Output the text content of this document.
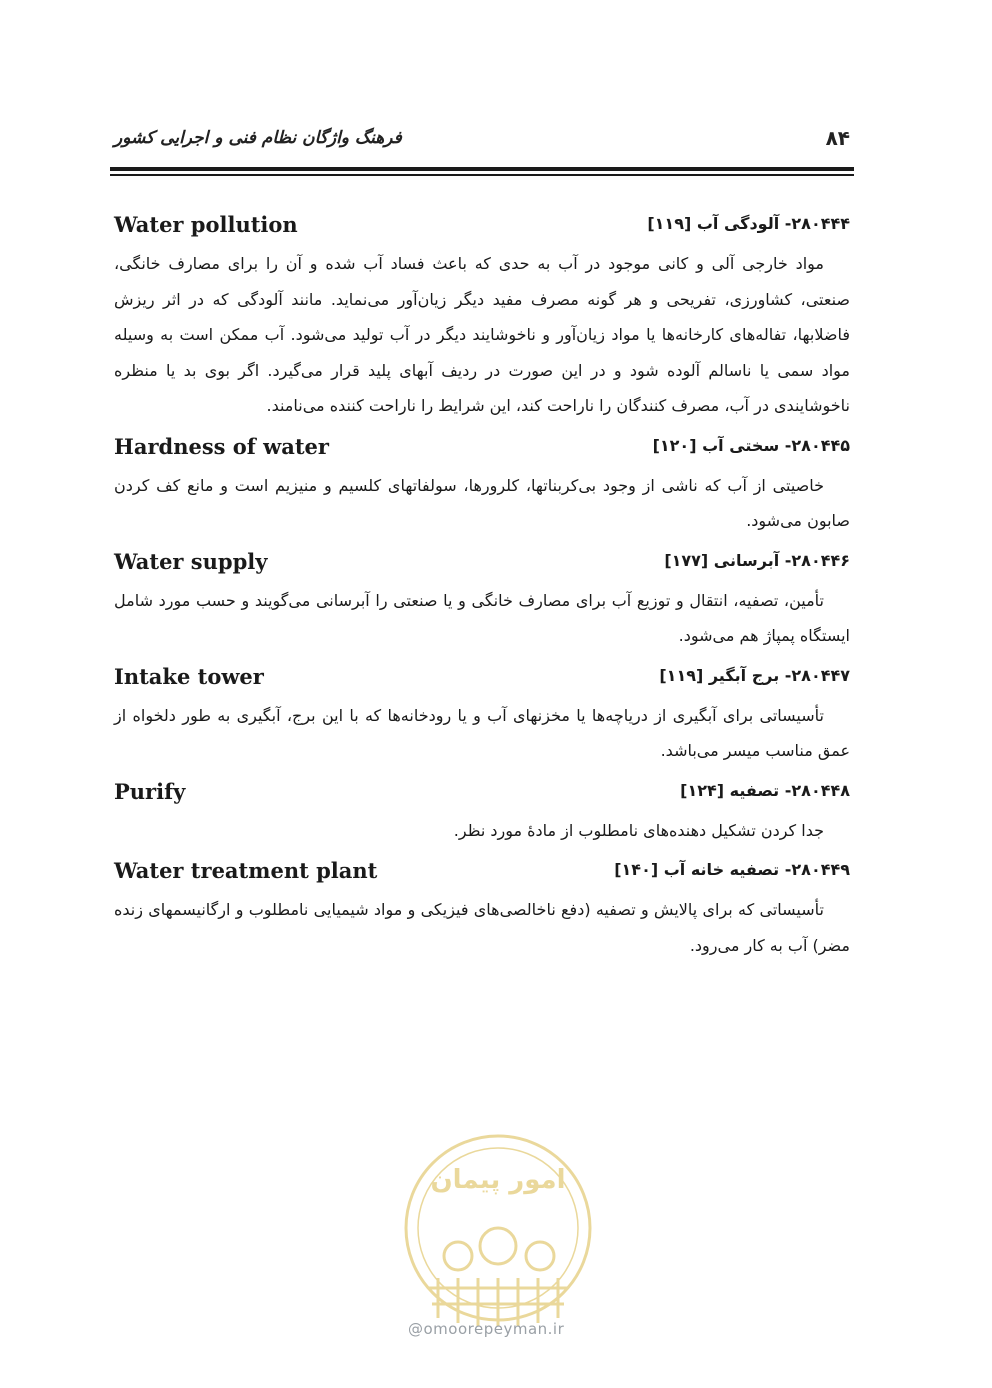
فرهنگ واژگان نظام فنی و اجرایی کشور	۸۴
Water pollution	۲۸۰۴۴۴- آلودگی آب [۱۱۹]

مواد خارجی آلی و کانی موجود در آب به حدی که باعث فساد آب شده و آن را برای مصارف خانگی، صنعتی، کشاورزی، تفریحی و هر گونه مصرف مفید دیگر زیان‌آور می‌نماید. مانند آلودگی که در اثر ریزش فاضلابها، تفاله‌های کارخانه‌ها یا مواد زیان‌آور و ناخوشایند دیگر در آب تولید می‌شود. آب ممکن است به وسیله مواد سمی یا ناسالم آلوده شود و در این صورت در ردیف آبهای پلید قرار می‌گیرد. اگر بوی بد یا منظره ناخوشایندی در آب، مصرف کنندگان را ناراحت کند، این شرایط را ناراحت کننده می‌نامند.

Hardness of water	۲۸۰۴۴۵- سختی آب [۱۲۰]

خاصیتی از آب که ناشی از وجود بی‌کربناتها، کلرورها، سولفاتهای کلسیم و منیزیم است و مانع کف کردن صابون می‌شود.

Water supply	۲۸۰۴۴۶- آبرسانی [۱۷۷]

تأمین، تصفیه، انتقال و توزیع آب برای مصارف خانگی و یا صنعتی را آبرسانی می‌گویند و حسب مورد شامل ایستگاه پمپاژ هم می‌شود.

Intake tower	۲۸۰۴۴۷- برج آبگیر [۱۱۹]

تأسیساتی برای آبگیری از دریاچه‌ها یا مخزنهای آب و یا رودخانه‌ها که با این برج، آبگیری به طور دلخواه از عمق مناسب میسر می‌باشد.

Purify	۲۸۰۴۴۸- تصفیه [۱۲۴]

جدا کردن تشکیل دهنده‌های نامطلوب از مادۀ مورد نظر.

Water treatment plant	۲۸۰۴۴۹- تصفیه خانه آب [۱۴۰]

تأسیساتی که برای پالایش و تصفیه (دفع ناخالصی‌های فیزیکی و مواد شیمیایی نامطلوب و ارگانیسمهای زنده مضر) آب به کار می‌رود.

امور پیمان
@omoorepeyman.ir
